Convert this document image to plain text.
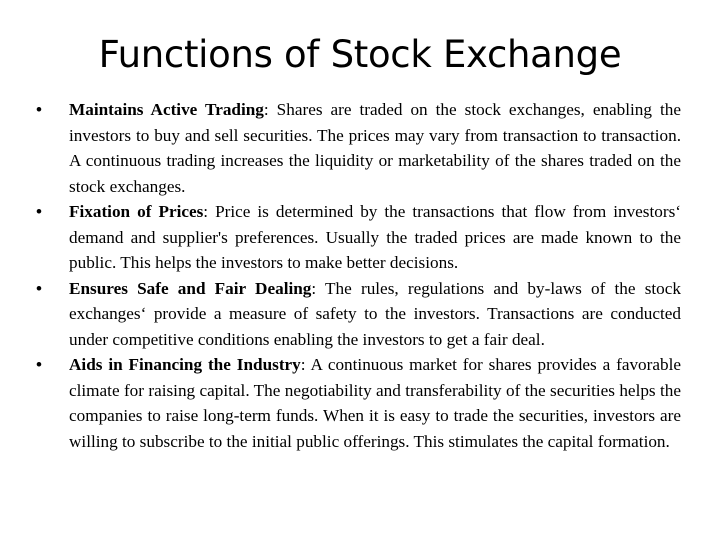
Functions of Stock Exchange
•	Maintains Active Trading: Shares are traded on the stock exchanges, enabling the investors to buy and sell securities. The prices may vary from transaction to transaction. A continuous trading increases the liquidity or marketability of the shares traded on the stock exchanges.
•	Fixation of Prices: Price is determined by the transactions that flow from investors‘ demand and supplier's preferences. Usually the traded prices are made known to the public. This helps the investors to make better decisions.
•	Ensures Safe and Fair Dealing: The rules, regulations and by-laws of the stock exchanges‘ provide a measure of safety to the investors. Transactions are conducted under competitive conditions enabling the investors to get a fair deal.
•	Aids in Financing the Industry: A continuous market for shares provides a favorable climate for raising capital. The negotiability and transferability of the securities helps the companies to raise long-term funds. When it is easy to trade the securities, investors are willing to subscribe to the initial public offerings. This stimulates the capital formation.
